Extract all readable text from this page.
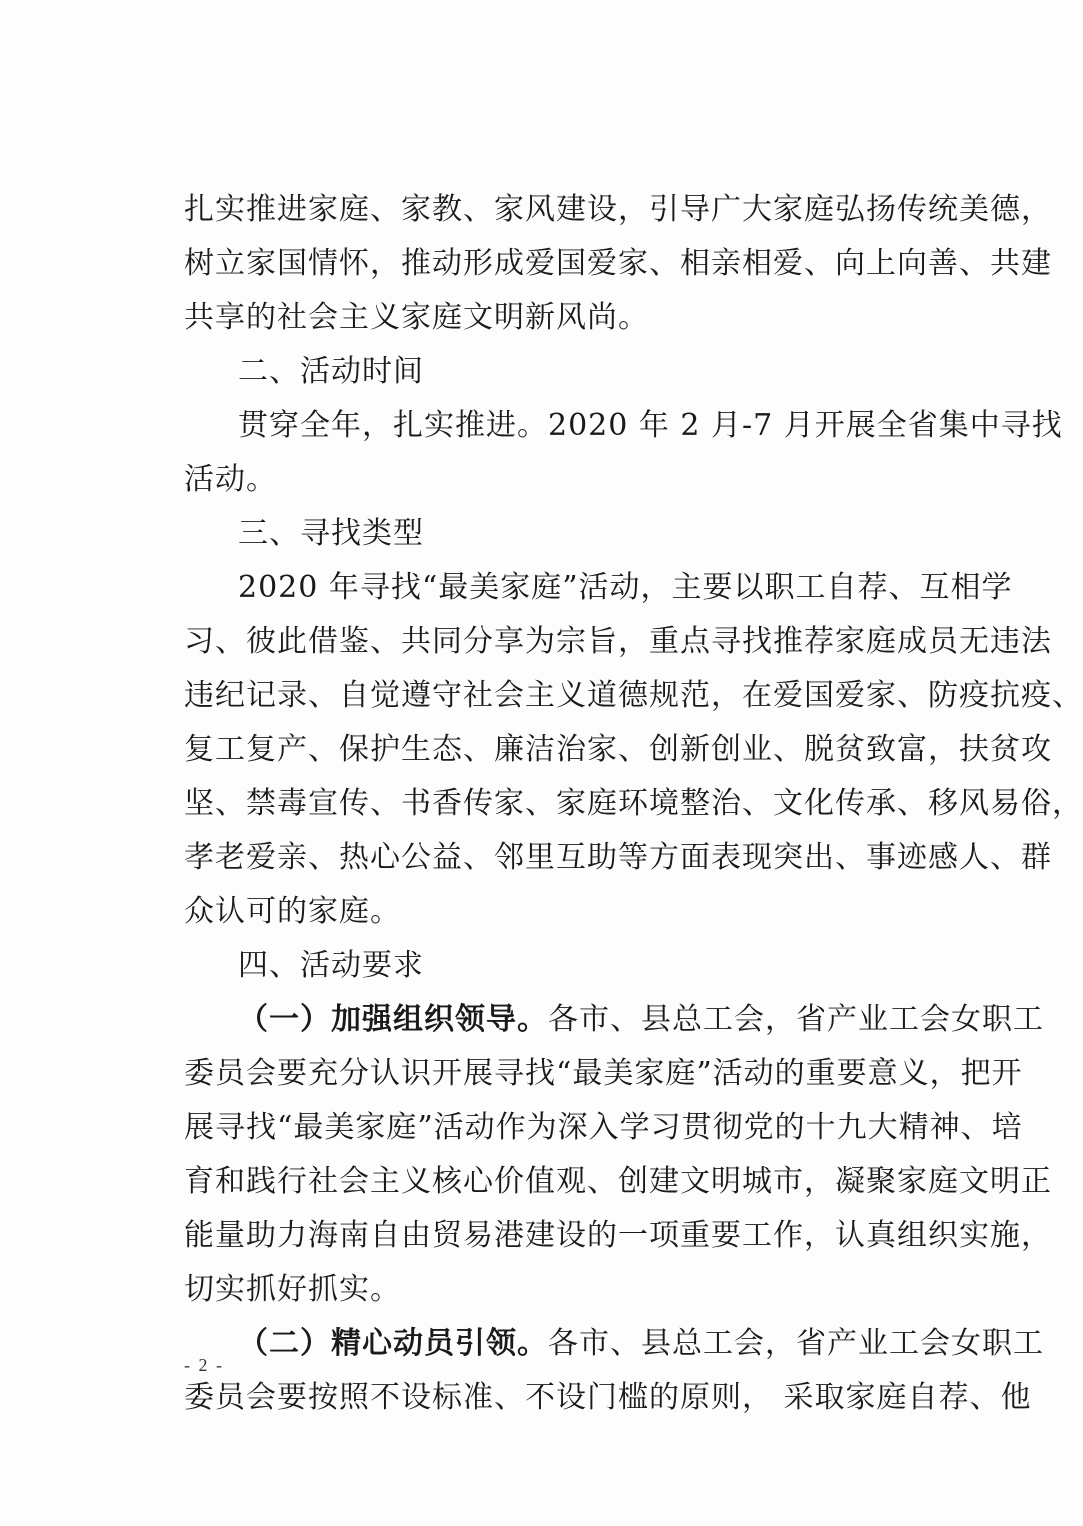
扎实推进家庭、家教、家风建设，引导广大家庭弘扬传统美德，
树立家国情怀，推动形成爱国爱家、相亲相爱、向上向善、共建
共享的社会主义家庭文明新风尚。
二、活动时间
贯穿全年，扎实推进。2020 年 2 月-7 月开展全省集中寻找
活动。
三、寻找类型
2020 年寻找“最美家庭”活动，主要以职工自荐、互相学
习、彼此借鉴、共同分享为宗旨，重点寻找推荐家庭成员无违法
违纪记录、自觉遵守社会主义道德规范，在爱国爱家、防疫抗疫、
复工复产、保护生态、廉洁治家、创新创业、脱贫致富，扶贫攻
坚、禁毒宣传、书香传家、家庭环境整治、文化传承、移风易俗，
孝老爱亲、热心公益、邻里互助等方面表现突出、事迹感人、群
众认可的家庭。
四、活动要求
（一）加强组织领导。各市、县总工会，省产业工会女职工
委员会要充分认识开展寻找“最美家庭”活动的重要意义，把开
展寻找“最美家庭”活动作为深入学习贯彻党的十九大精神、培
育和践行社会主义核心价值观、创建文明城市，凝聚家庭文明正
能量助力海南自由贸易港建设的一项重要工作，认真组织实施，
切实抓好抓实。
（二）精心动员引领。各市、县总工会，省产业工会女职工
委员会要按照不设标准、不设门槛的原则， 采取家庭自荐、他
- 2 -
